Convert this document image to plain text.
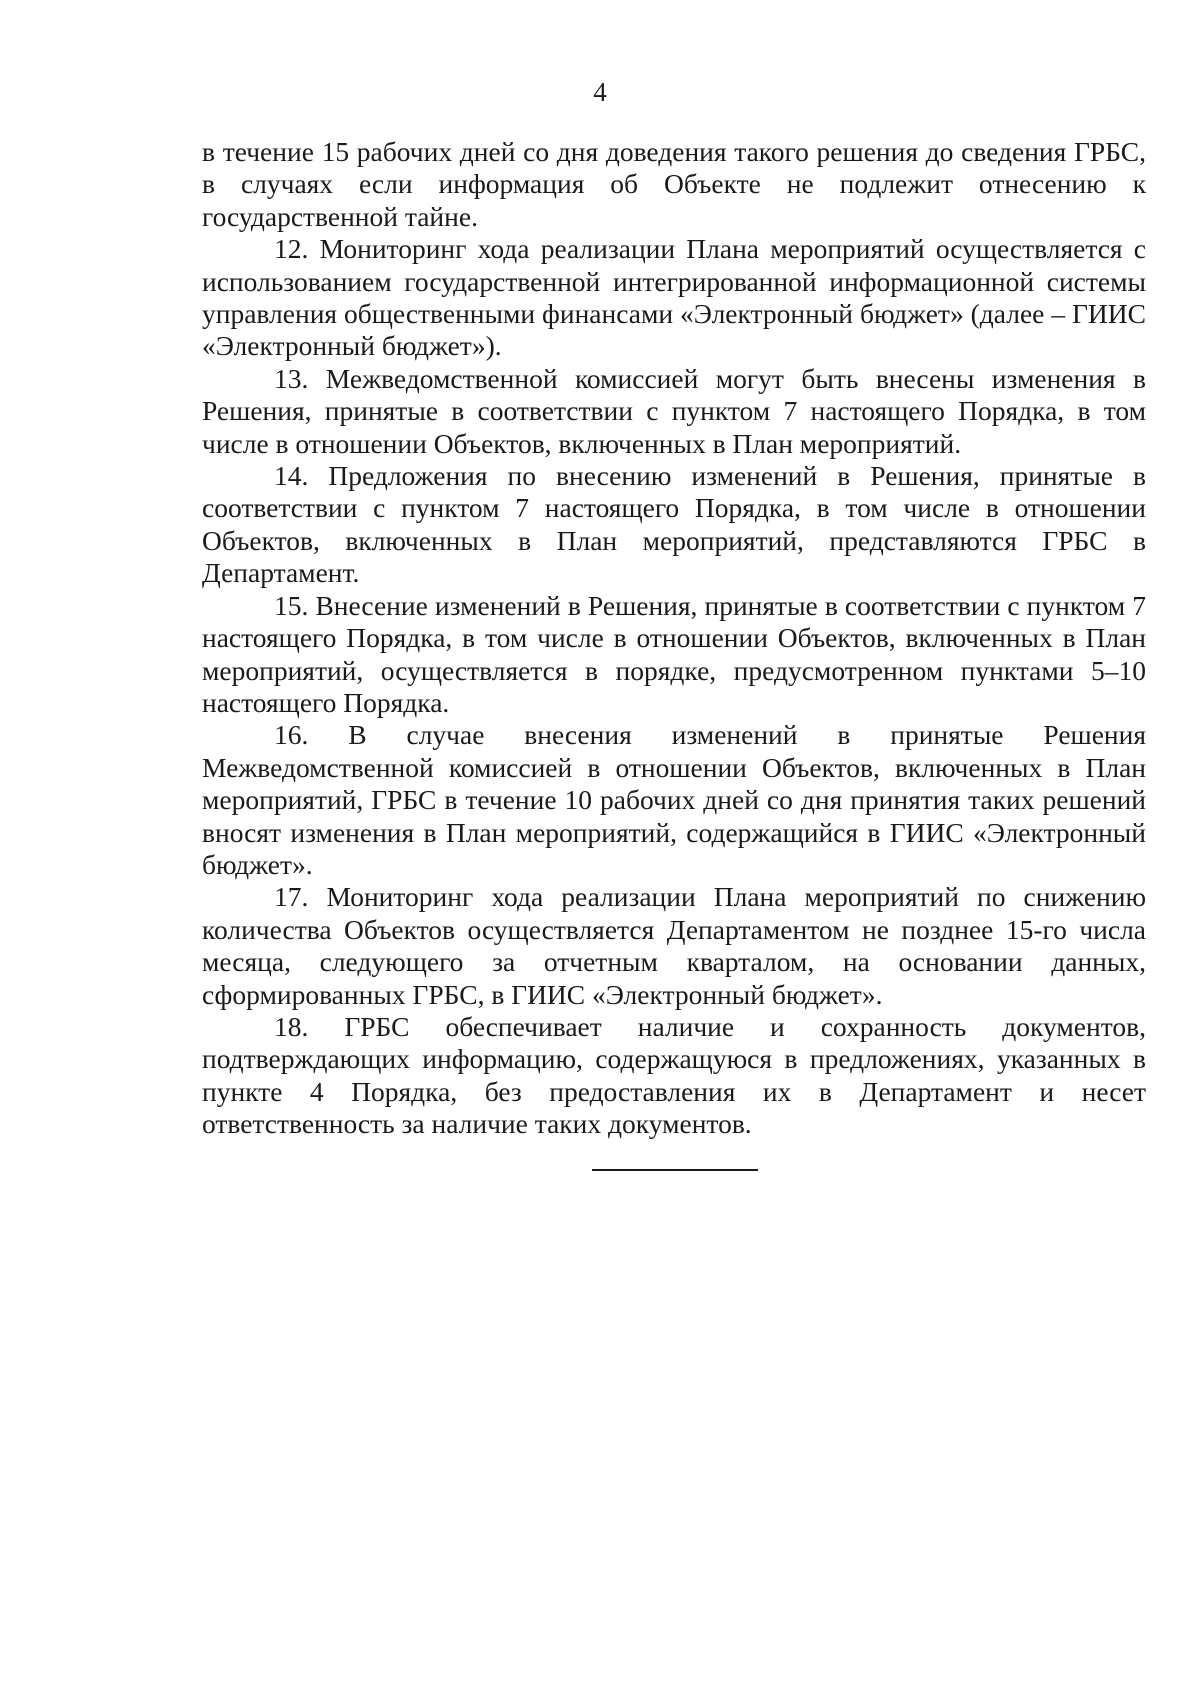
4

в течение 15 рабочих дней со дня доведения такого решения до сведения ГРБС, в случаях если информация об Объекте не подлежит отнесению к государственной тайне.

12. Мониторинг хода реализации Плана мероприятий осуществляется с использованием государственной интегрированной информационной системы управления общественными финансами «Электронный бюджет» (далее – ГИИС «Электронный бюджет»).

13. Межведомственной комиссией могут быть внесены изменения в Решения, принятые в соответствии с пунктом 7 настоящего Порядка, в том числе в отношении Объектов, включенных в План мероприятий.

14. Предложения по внесению изменений в Решения, принятые в соответствии с пунктом 7 настоящего Порядка, в том числе в отношении Объектов, включенных в План мероприятий, представляются ГРБС в Департамент.

15. Внесение изменений в Решения, принятые в соответствии с пунктом 7 настоящего Порядка, в том числе в отношении Объектов, включенных в План мероприятий, осуществляется в порядке, предусмотренном пунктами 5–10 настоящего Порядка.

16. В случае внесения изменений в принятые Решения Межведомственной комиссией в отношении Объектов, включенных в План мероприятий, ГРБС в течение 10 рабочих дней со дня принятия таких решений вносят изменения в План мероприятий, содержащийся в ГИИС «Электронный бюджет».

17. Мониторинг хода реализации Плана мероприятий по снижению количества Объектов осуществляется Департаментом не позднее 15-го числа месяца, следующего за отчетным кварталом, на основании данных, сформированных ГРБС, в ГИИС «Электронный бюджет».

18. ГРБС обеспечивает наличие и сохранность документов, подтверждающих информацию, содержащуюся в предложениях, указанных в пункте 4 Порядка, без предоставления их в Департамент и несет ответственность за наличие таких документов.
